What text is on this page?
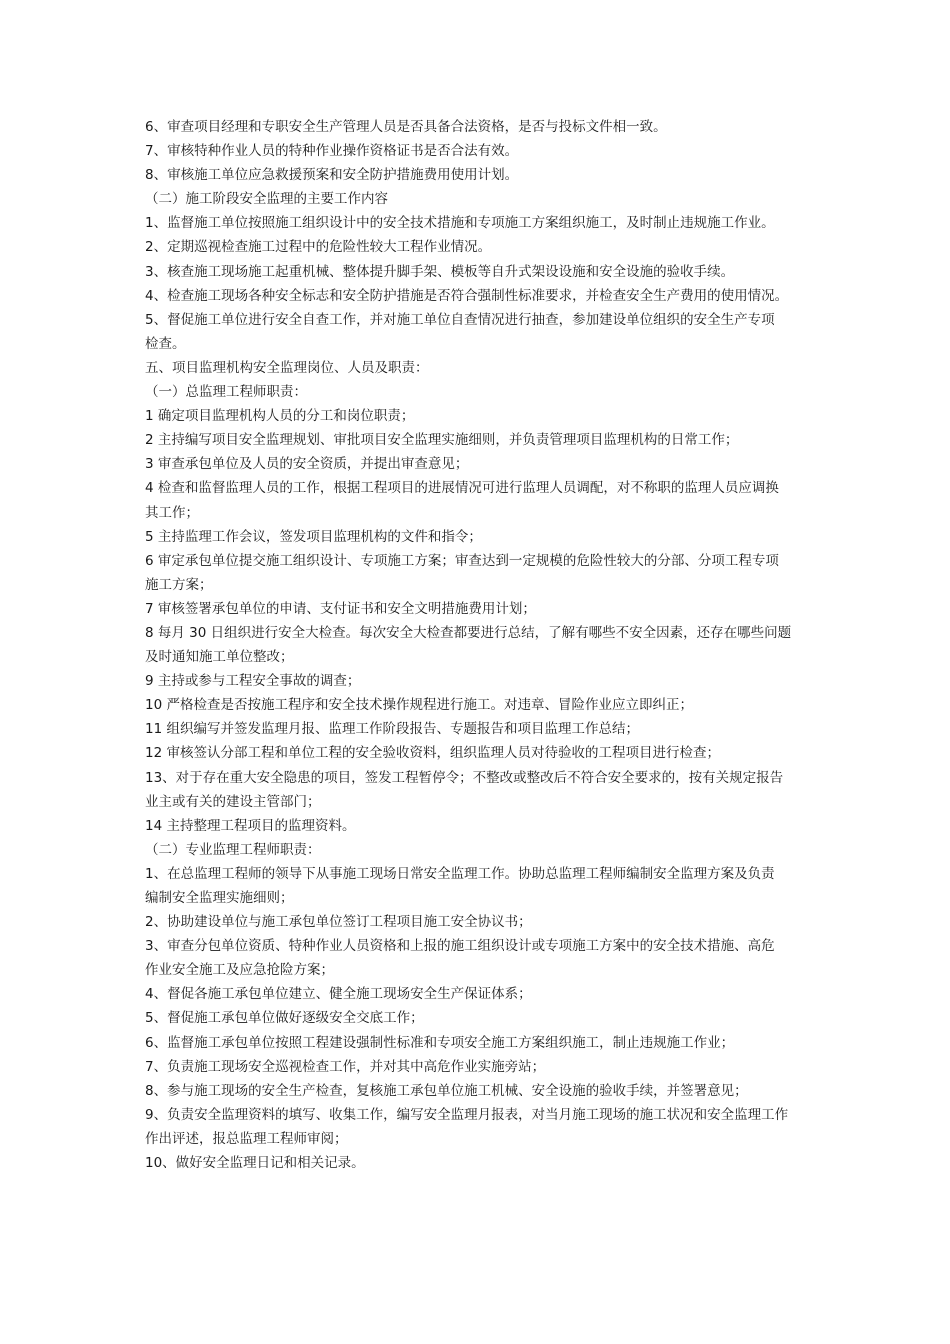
6、审查项目经理和专职安全生产管理人员是否具备合法资格，是否与投标文件相一致。

7、审核特种作业人员的特种作业操作资格证书是否合法有效。

8、审核施工单位应急救援预案和安全防护措施费用使用计划。

（二）施工阶段安全监理的主要工作内容

1、监督施工单位按照施工组织设计中的安全技术措施和专项施工方案组织施工，及时制止违规施工作业。

2、定期巡视检查施工过程中的危险性较大工程作业情况。

3、核查施工现场施工起重机械、整体提升脚手架、模板等自升式架设设施和安全设施的验收手续。

4、检查施工现场各种安全标志和安全防护措施是否符合强制性标准要求，并检查安全生产费用的使用情况。

5、督促施工单位进行安全自查工作，并对施工单位自查情况进行抽查，参加建设单位组织的安全生产专项

检查。

五、项目监理机构安全监理岗位、人员及职责：

（一）总监理工程师职责：

1 确定项目监理机构人员的分工和岗位职责；

2 主持编写项目安全监理规划、审批项目安全监理实施细则，并负责管理项目监理机构的日常工作；

3 审查承包单位及人员的安全资质，并提出审查意见；

4 检查和监督监理人员的工作，根据工程项目的进展情况可进行监理人员调配，对不称职的监理人员应调换

其工作；

5 主持监理工作会议，签发项目监理机构的文件和指令；

6 审定承包单位提交施工组织设计、专项施工方案；审查达到一定规模的危险性较大的分部、分项工程专项

施工方案；

7 审核签署承包单位的申请、支付证书和安全文明措施费用计划；

8 每月 30 日组织进行安全大检查。每次安全大检查都要进行总结，了解有哪些不安全因素，还存在哪些问题

及时通知施工单位整改；

9 主持或参与工程安全事故的调查；

10 严格检查是否按施工程序和安全技术操作规程进行施工。对违章、冒险作业应立即纠正；

11 组织编写并签发监理月报、监理工作阶段报告、专题报告和项目监理工作总结；

12 审核签认分部工程和单位工程的安全验收资料，组织监理人员对待验收的工程项目进行检查；

13、对于存在重大安全隐患的项目，签发工程暂停令；不整改或整改后不符合安全要求的，按有关规定报告

业主或有关的建设主管部门；

14 主持整理工程项目的监理资料。

（二）专业监理工程师职责：

1、在总监理工程师的领导下从事施工现场日常安全监理工作。协助总监理工程师编制安全监理方案及负责

编制安全监理实施细则；

2、协助建设单位与施工承包单位签订工程项目施工安全协议书；

3、审查分包单位资质、特种作业人员资格和上报的施工组织设计或专项施工方案中的安全技术措施、高危

作业安全施工及应急抢险方案；

4、督促各施工承包单位建立、健全施工现场安全生产保证体系；

5、督促施工承包单位做好逐级安全交底工作；

6、监督施工承包单位按照工程建设强制性标准和专项安全施工方案组织施工，制止违规施工作业；

7、负责施工现场安全巡视检查工作，并对其中高危作业实施旁站；

8、参与施工现场的安全生产检查，复核施工承包单位施工机械、安全设施的验收手续，并签署意见；

9、负责安全监理资料的填写、收集工作，编写安全监理月报表，对当月施工现场的施工状况和安全监理工作

作出评述，报总监理工程师审阅；

10、做好安全监理日记和相关记录。
